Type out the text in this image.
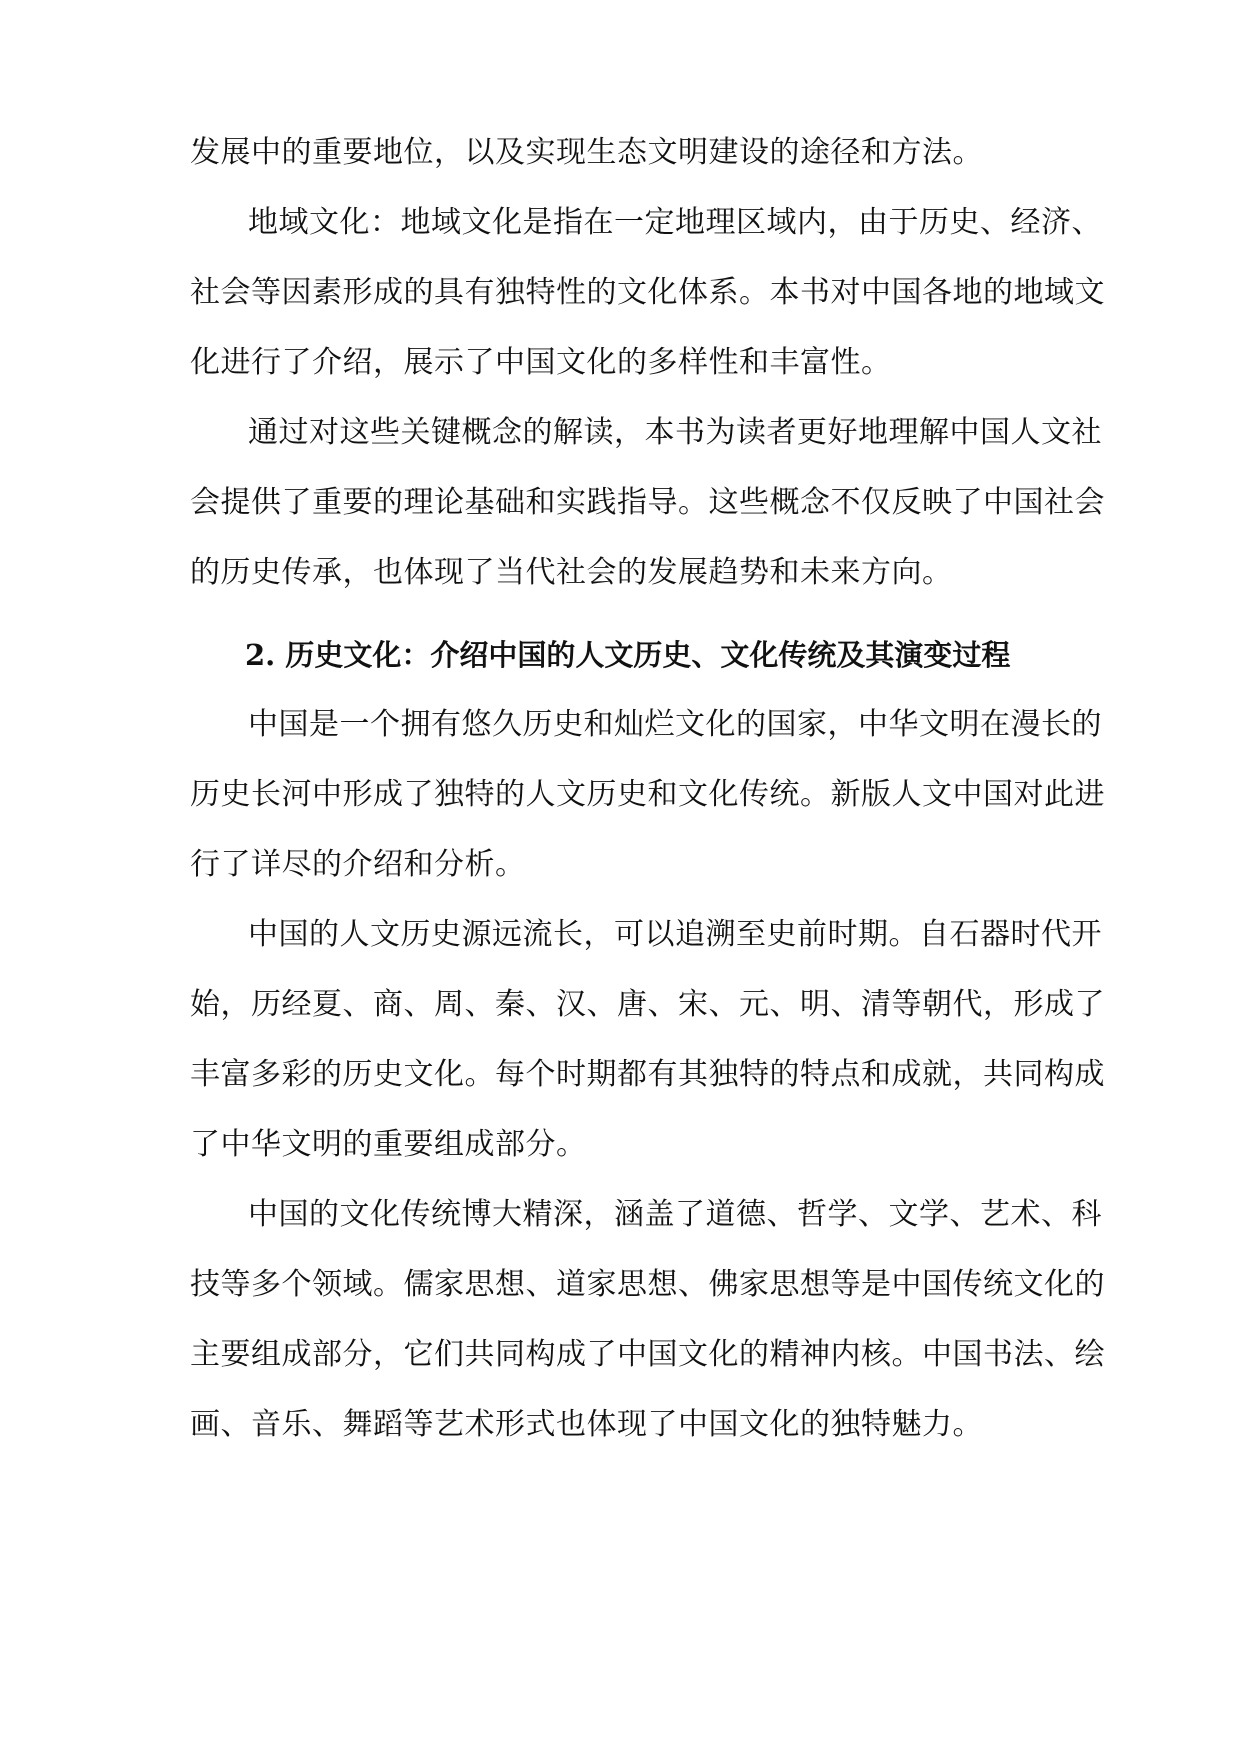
发展中的重要地位，以及实现生态文明建设的途径和方法。
地域文化：地域文化是指在一定地理区域内，由于历史、经济、
社会等因素形成的具有独特性的文化体系。本书对中国各地的地域文
化进行了介绍，展示了中国文化的多样性和丰富性。
通过对这些关键概念的解读，本书为读者更好地理解中国人文社
会提供了重要的理论基础和实践指导。这些概念不仅反映了中国社会
的历史传承，也体现了当代社会的发展趋势和未来方向。
2. 历史文化：介绍中国的人文历史、文化传统及其演变过程
中国是一个拥有悠久历史和灿烂文化的国家，中华文明在漫长的
历史长河中形成了独特的人文历史和文化传统。新版人文中国对此进
行了详尽的介绍和分析。
中国的人文历史源远流长，可以追溯至史前时期。自石器时代开
始，历经夏、商、周、秦、汉、唐、宋、元、明、清等朝代，形成了
丰富多彩的历史文化。每个时期都有其独特的特点和成就，共同构成
了中华文明的重要组成部分。
中国的文化传统博大精深，涵盖了道德、哲学、文学、艺术、科
技等多个领域。儒家思想、道家思想、佛家思想等是中国传统文化的
主要组成部分，它们共同构成了中国文化的精神内核。中国书法、绘
画、音乐、舞蹈等艺术形式也体现了中国文化的独特魅力。
